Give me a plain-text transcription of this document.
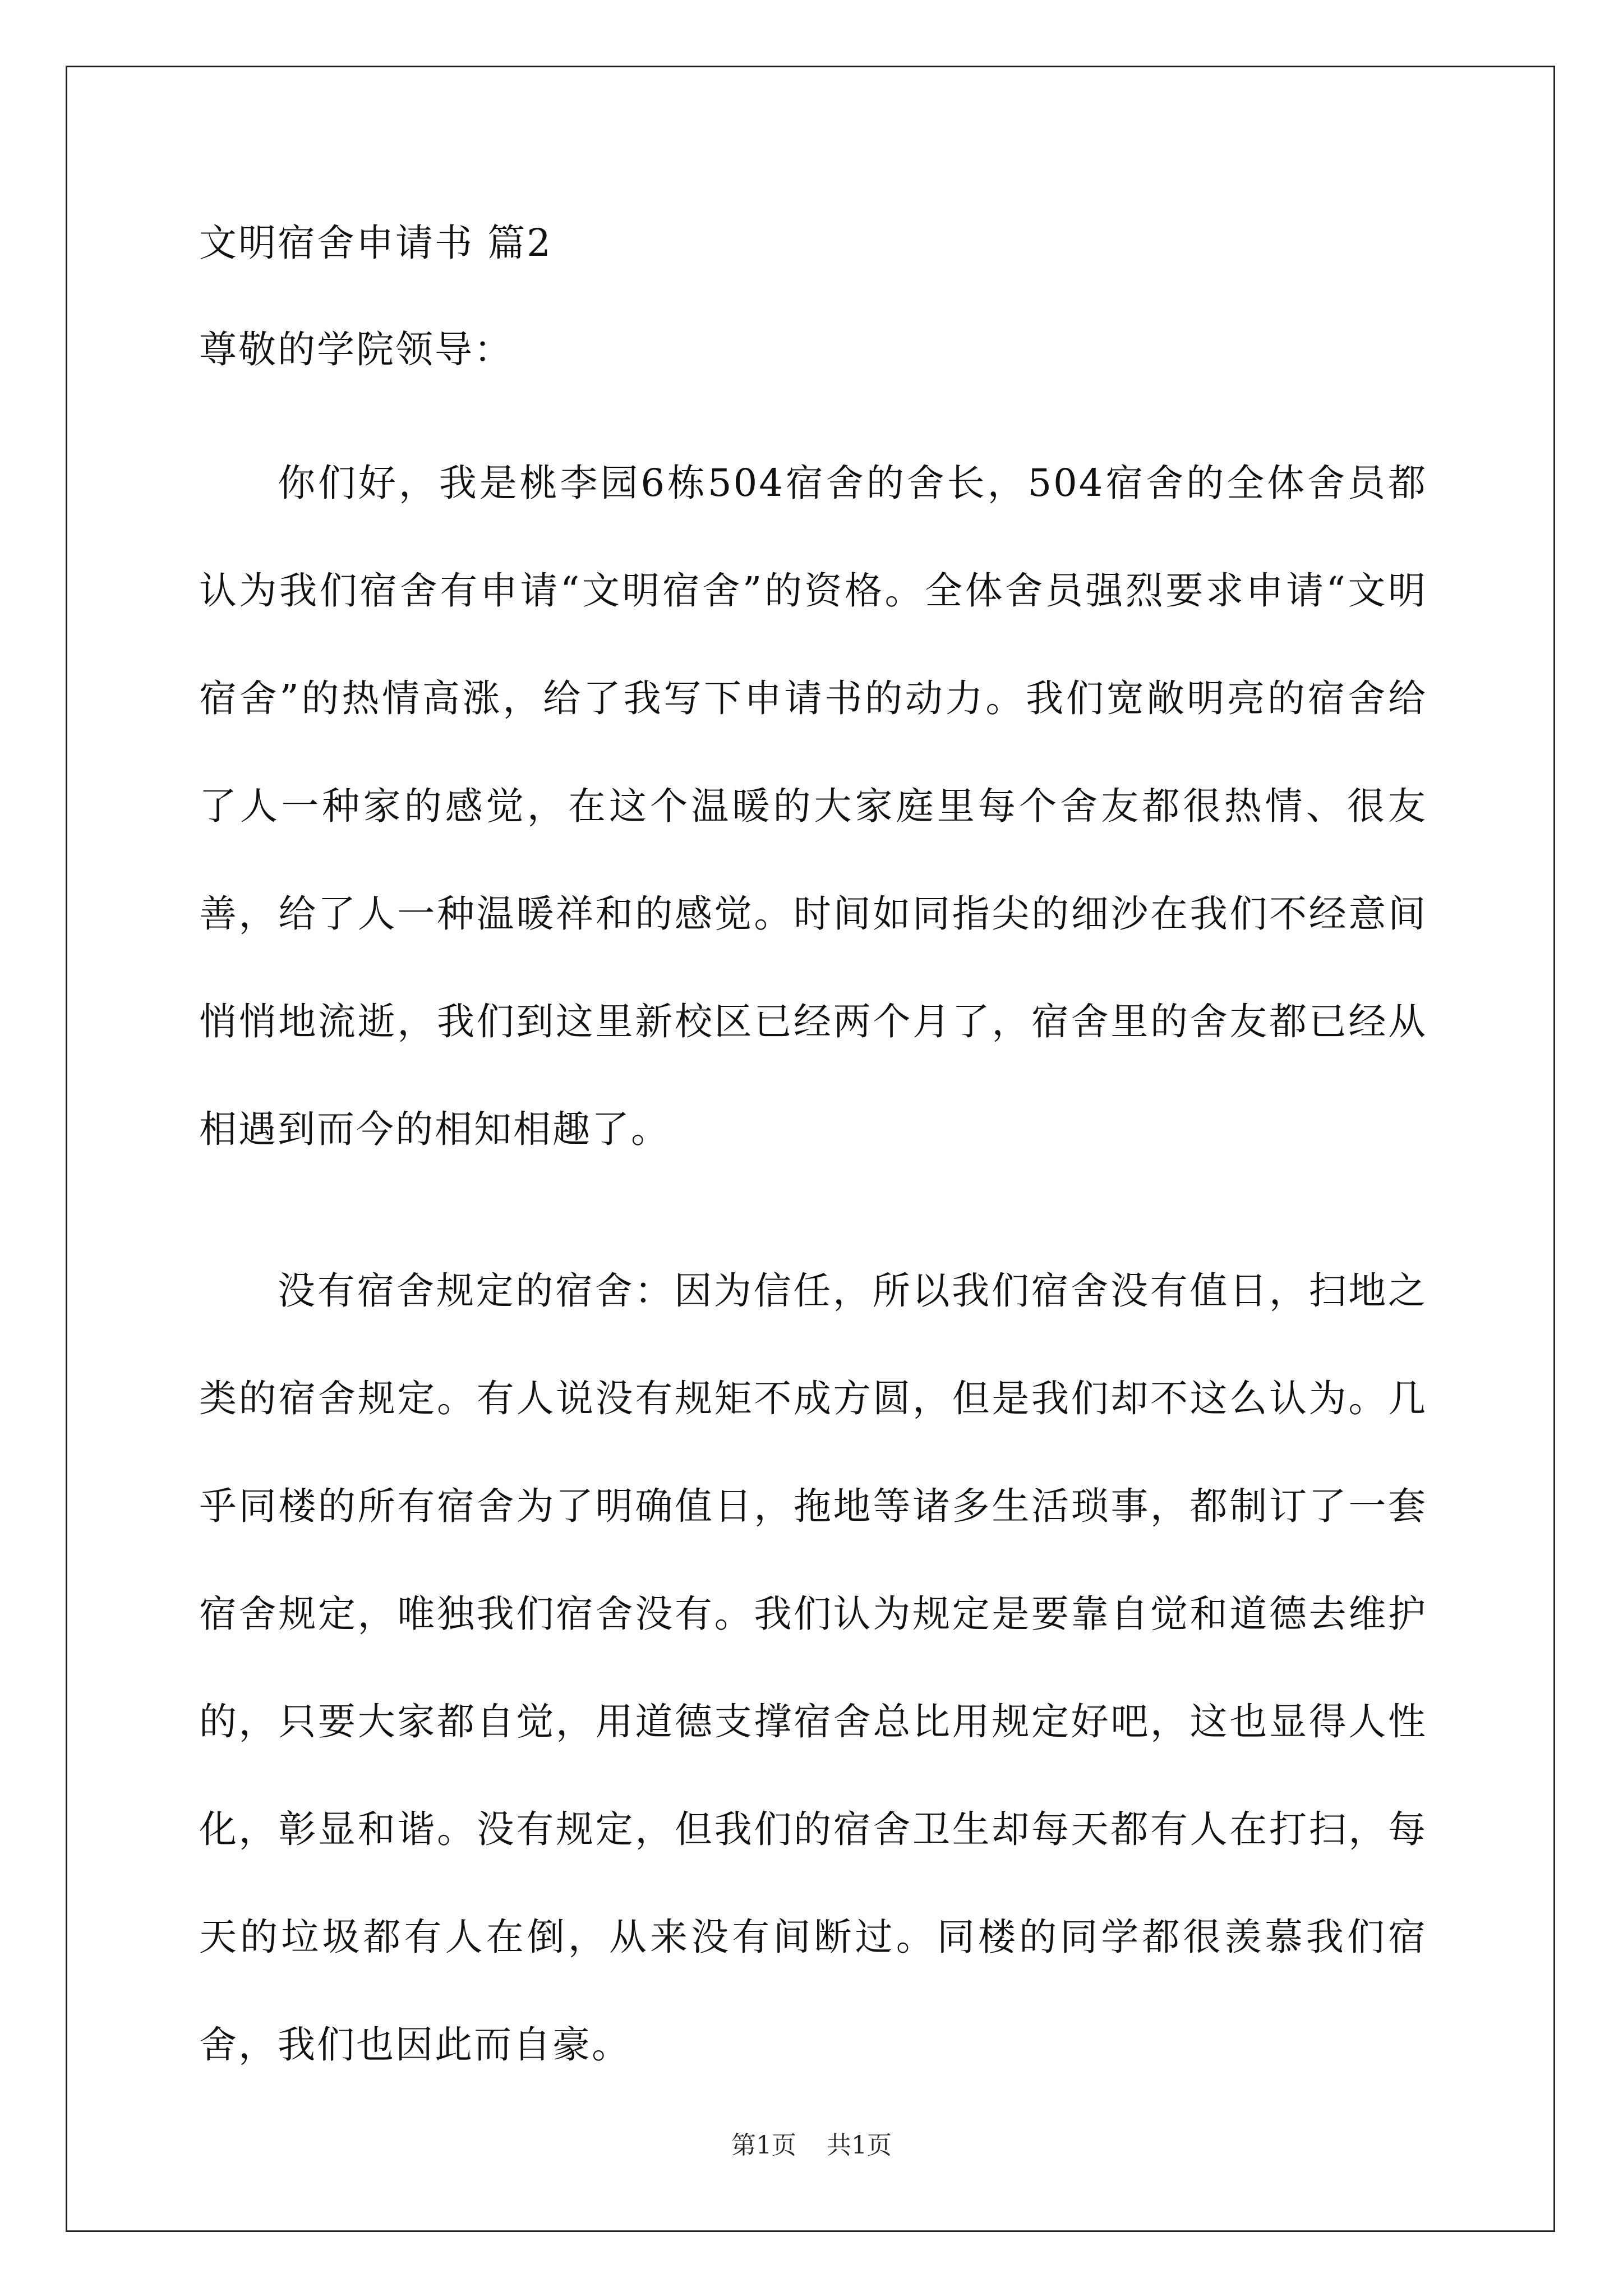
文明宿舍申请书 篇2

尊敬的学院领导：

你们好，我是桃李园6栋504宿舍的舍长，504宿舍的全体舍员都认为我们宿舍有申请“文明宿舍”的资格。全体舍员强烈要求申请“文明宿舍”的热情高涨，给了我写下申请书的动力。我们宽敞明亮的宿舍给了人一种家的感觉，在这个温暖的大家庭里每个舍友都很热情、很友善，给了人一种温暖祥和的感觉。时间如同指尖的细沙在我们不经意间悄悄地流逝，我们到这里新校区已经两个月了，宿舍里的舍友都已经从相遇到而今的相知相趣了。

没有宿舍规定的宿舍：因为信任，所以我们宿舍没有值日，扫地之类的宿舍规定。有人说没有规矩不成方圆，但是我们却不这么认为。几乎同楼的所有宿舍为了明确值日，拖地等诸多生活琐事，都制订了一套宿舍规定，唯独我们宿舍没有。我们认为规定是要靠自觉和道德去维护的，只要大家都自觉，用道德支撑宿舍总比用规定好吧，这也显得人性化，彰显和谐。没有规定，但我们的宿舍卫生却每天都有人在打扫，每天的垃圾都有人在倒，从来没有间断过。同楼的同学都很羡慕我们宿舍，我们也因此而自豪。

第1页 共1页
